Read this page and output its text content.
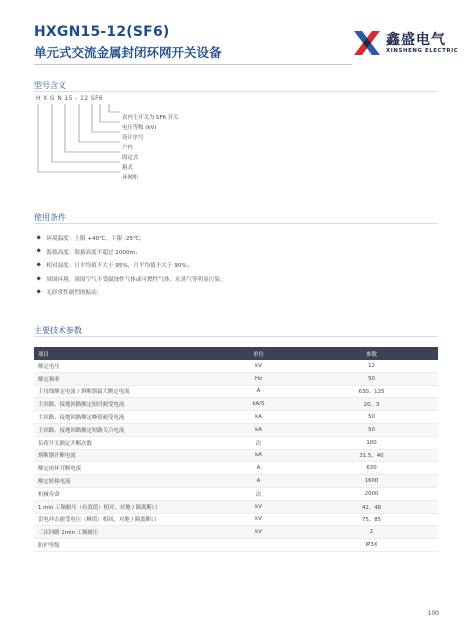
HXGN15-12(SF6)
单元式交流金属封闭环网开关设备
鑫盛电气
XINSHENG ELECTRIC
型号含义
H X G N 15 - 12 SF6
表内主开关为 SF6 开关
电压等级 (kV)
设计序号
户内
固定式
箱式
环网柜
使用条件
环境温度：上限 +40℃，下限 -25℃；
海拔高度：海拔高度不超过 2000m；
相对湿度：日平均值不大于 95%，月平均值不大于 90%；
周围环境：周围空气不受腐蚀性气体或可燃性气体、水蒸气等明显污染；
无经常性剧烈的振动。
主要技术参数
项目	单位	参数
额定电压	kV	12
额定频率	Hz	50
主母线额定电流 / 熔断器最大额定电流	A	630、125
主回路、接地回路额定短时耐受电流	kA/S	20、3
主回路、接地回路额定峰值耐受电流	kA	50
主回路、接地回路额定短路关合电流	kA	50
负荷开关额定开断次数	次	100
熔断器开断电流	kA	31.5、40
额定闭环开断电流	A	630
额定转移电流	A	1600
机械寿命	次	2000
1 min 工频耐压（有效值）相对、对地 / 隔离断口	kV	42、48
雷电冲击耐受电压（峰值）相间、对地 / 隔离断口	kV	75、85
二次回路 1min 工频耐压	kV	2
防护等级		IP3X
100
